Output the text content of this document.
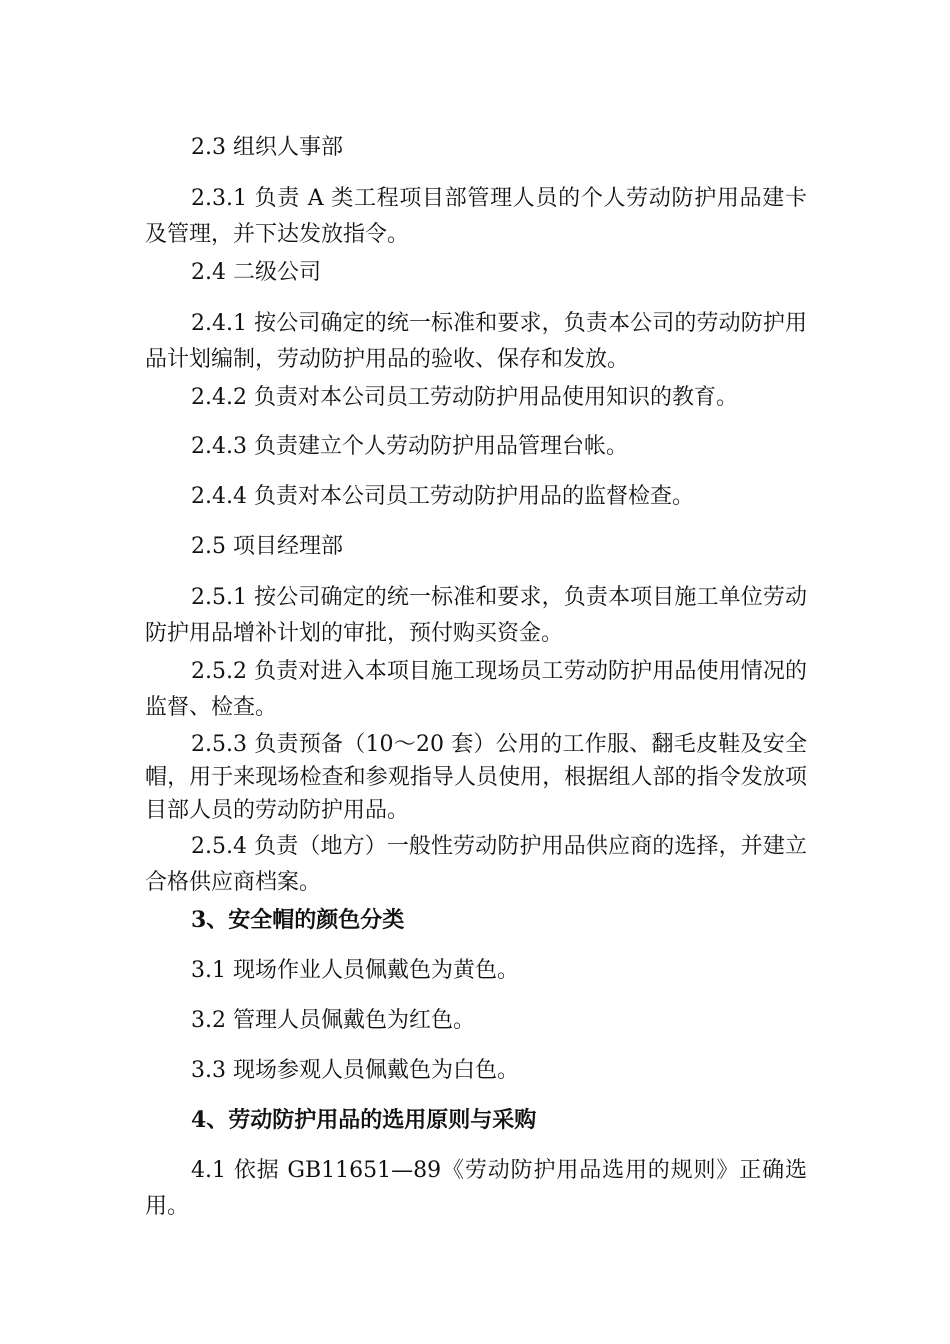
2.3 组织人事部

2.3.1 负责 A 类工程项目部管理人员的个人劳动防护用品建卡及管理，并下达发放指令。

2.4 二级公司

2.4.1 按公司确定的统一标准和要求，负责本公司的劳动防护用品计划编制，劳动防护用品的验收、保存和发放。

2.4.2 负责对本公司员工劳动防护用品使用知识的教育。

2.4.3 负责建立个人劳动防护用品管理台帐。

2.4.4 负责对本公司员工劳动防护用品的监督检查。

2.5 项目经理部

2.5.1 按公司确定的统一标准和要求，负责本项目施工单位劳动防护用品增补计划的审批，预付购买资金。

2.5.2 负责对进入本项目施工现场员工劳动防护用品使用情况的监督、检查。

2.5.3 负责预备（10～20 套）公用的工作服、翻毛皮鞋及安全帽，用于来现场检查和参观指导人员使用，根据组人部的指令发放项目部人员的劳动防护用品。

2.5.4 负责（地方）一般性劳动防护用品供应商的选择，并建立合格供应商档案。

3、安全帽的颜色分类

3.1 现场作业人员佩戴色为黄色。

3.2 管理人员佩戴色为红色。

3.3 现场参观人员佩戴色为白色。

4、劳动防护用品的选用原则与采购

4.1 依据 GB11651—89《劳动防护用品选用的规则》正确选用。
